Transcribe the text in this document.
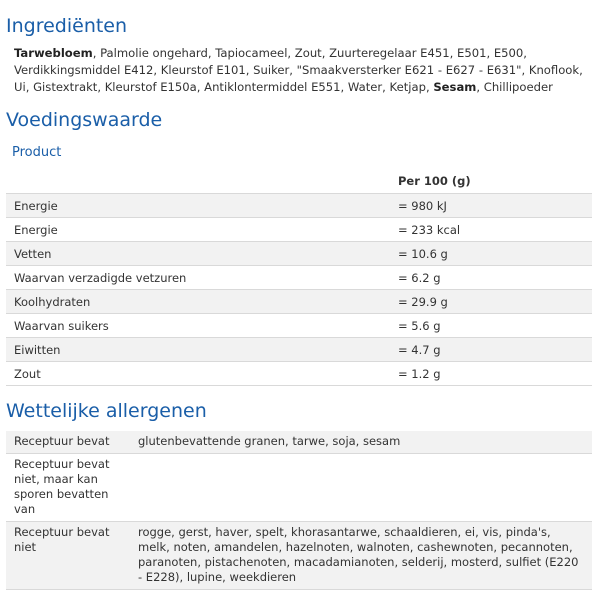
Ingrediënten

Tarwebloem, Palmolie ongehard, Tapiocameel, Zout, Zuurteregelaar E451, E501, E500, Verdikkingsmiddel E412, Kleurstof E101, Suiker, "Smaakversterker E621 - E627 - E631", Knoflook, Ui, Gistextrakt, Kleurstof E150a, Antiklontermiddel E551, Water, Ketjap, Sesam, Chillipoeder

Voedingswaarde
Product
	Per 100 (g)
Energie	= 980 kJ
Energie	= 233 kcal
Vetten	= 10.6 g
Waarvan verzadigde vetzuren	= 6.2 g
Koolhydraten	= 29.9 g
Waarvan suikers	= 5.6 g
Eiwitten	= 4.7 g
Zout	= 1.2 g
Wettelijke allergenen
Receptuur bevat	glutenbevattende granen, tarwe, soja, sesam
Receptuur bevat niet, maar kan sporen bevatten van	
Receptuur bevat niet	rogge, gerst, haver, spelt, khorasantarwe, schaaldieren, ei, vis, pinda's, melk, noten, amandelen, hazelnoten, walnoten, cashewnoten, pecannoten, paranoten, pistachenoten, macadamianoten, selderij, mosterd, sulfiet (E220 - E228), lupine, weekdieren
